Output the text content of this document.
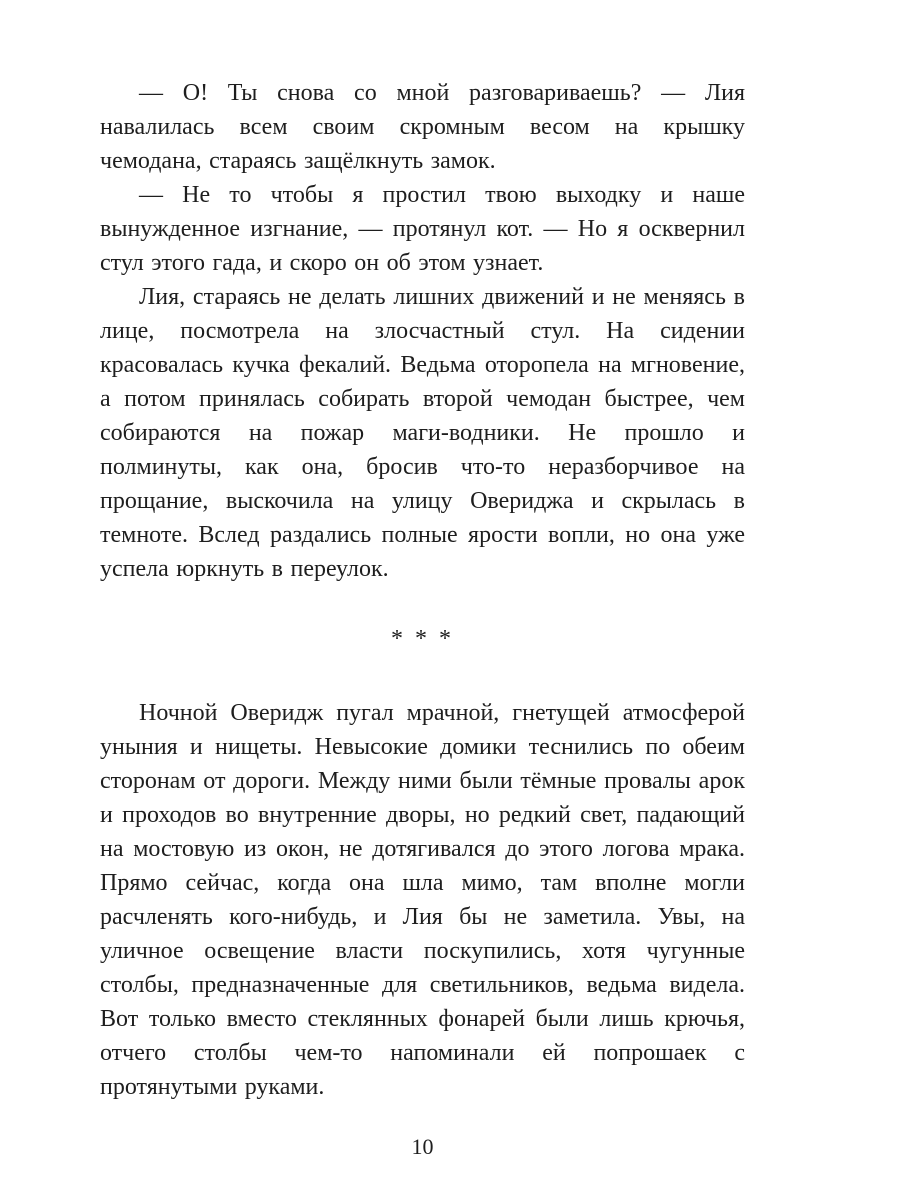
— О! Ты снова со мной разговариваешь? — Лия навалилась всем своим скромным весом на крышку чемодана, стараясь защёлкнуть замок.

— Не то чтобы я простил твою выходку и наше вынужденное изгнание, — протянул кот. — Но я осквернил стул этого гада, и скоро он об этом узнает.

Лия, стараясь не делать лишних движений и не меняясь в лице, посмотрела на злосчастный стул. На сидении красовалась кучка фекалий. Ведьма оторопела на мгновение, а потом принялась собирать второй чемодан быстрее, чем собираются на пожар маги-водники. Не прошло и полминуты, как она, бросив что-то неразборчивое на прощание, выскочила на улицу Овериджа и скрылась в темноте. Вслед раздались полные ярости вопли, но она уже успела юркнуть в переулок.

* * *

Ночной Оверидж пугал мрачной, гнетущей атмосферой уныния и нищеты. Невысокие домики теснились по обеим сторонам от дороги. Между ними были тёмные провалы арок и проходов во внутренние дворы, но редкий свет, падающий на мостовую из окон, не дотягивался до этого логова мрака. Прямо сейчас, когда она шла мимо, там вполне могли расчленять кого-нибудь, и Лия бы не заметила. Увы, на уличное освещение власти поскупились, хотя чугунные столбы, предназначенные для светильников, ведьма видела. Вот только вместо стеклянных фонарей были лишь крючья, отчего столбы чем-то напоминали ей попрошаек с протянутыми руками.

10
